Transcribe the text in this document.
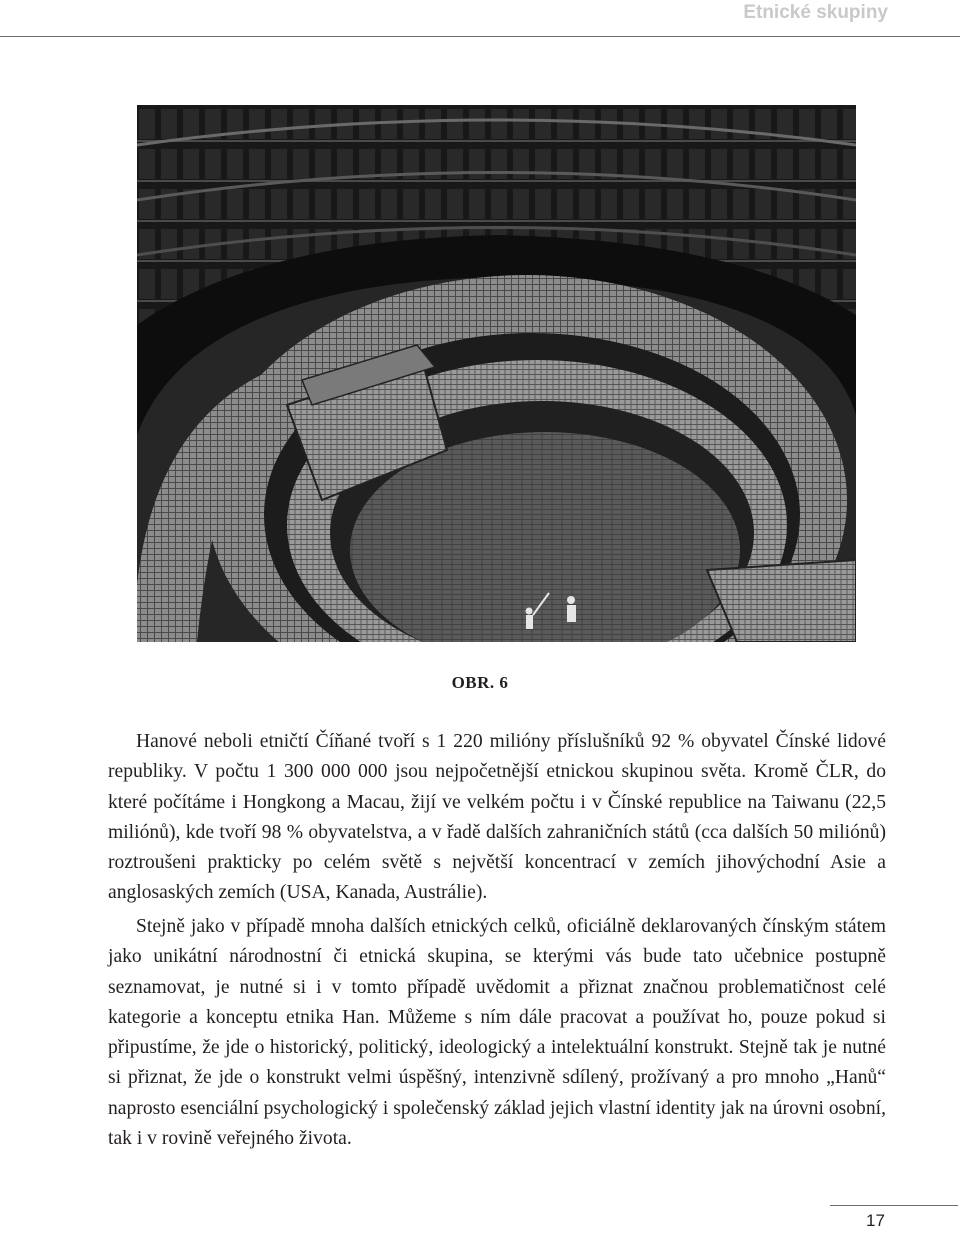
Etnické skupiny
OBR. 6

Hanové neboli etničtí Číňané tvoří s 1 220 milióny příslušníků 92 % obyvatel Čínské lidové republiky. V počtu 1 300 000 000 jsou nejpočetnější etnickou skupinou světa. Kromě ČLR, do které počítáme i Hongkong a Macau, žijí ve velkém počtu i v Čínské republice na Taiwanu (22,5 miliónů), kde tvoří 98 % obyvatelstva, a v řadě dalších zahraničních států (cca dalších 50 miliónů) roztroušeni prakticky po celém světě s největší koncentrací v zemích jihovýchodní Asie a anglosaských zemích (USA, Kanada, Austrálie).

Stejně jako v případě mnoha dalších etnických celků, oficiálně deklarovaných čínským státem jako unikátní národnostní či etnická skupina, se kterými vás bude tato učebnice postupně seznamovat, je nutné si i v tomto případě uvědomit a přiznat značnou problematičnost celé kategorie a konceptu etnika Han. Můžeme s ním dále pracovat a používat ho, pouze pokud si připustíme, že jde o historický, politický, ideologický a intelektuální konstrukt. Stejně tak je nutné si přiznat, že jde o konstrukt velmi úspěšný, intenzivně sdílený, prožívaný a pro mnoho „Hanů“ naprosto esenciální psychologický i společenský základ jejich vlastní identity jak na úrovni osobní, tak i v rovině veřejného života.

17
